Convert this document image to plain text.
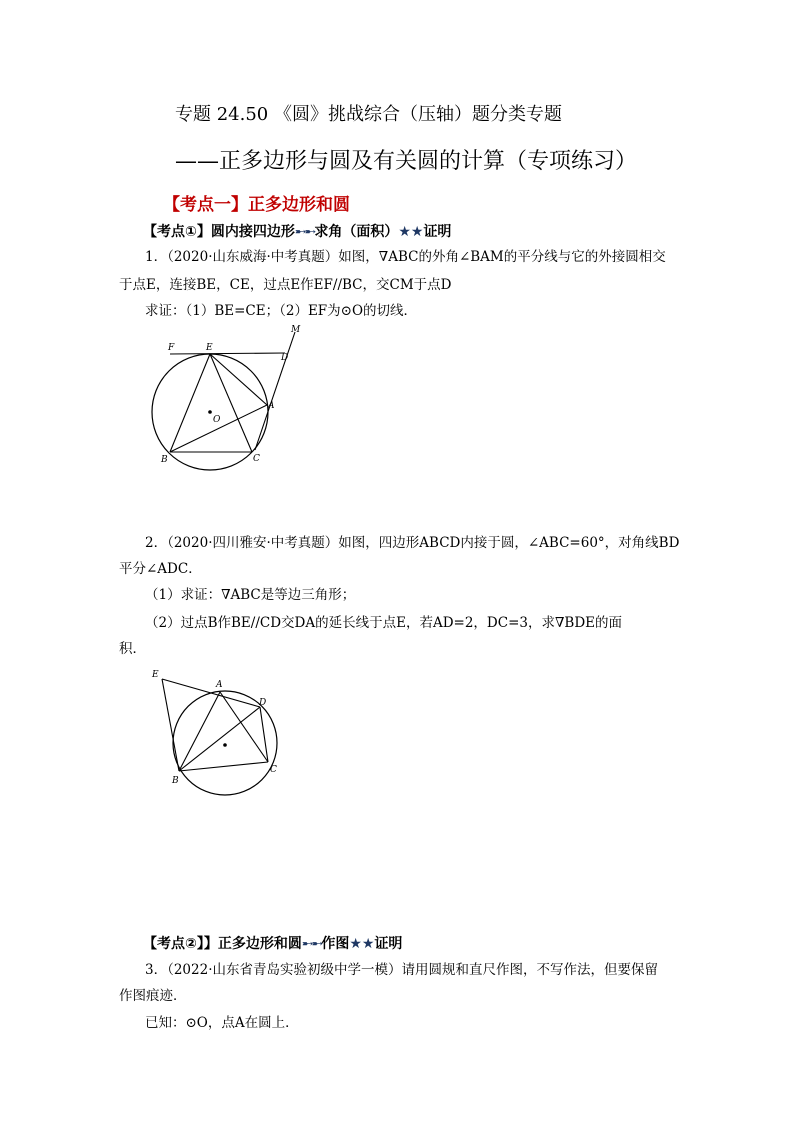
专题 24.50 《圆》挑战综合（压轴）题分类专题
——正多边形与圆及有关圆的计算（专项练习）
【考点一】正多边形和圆
【考点①】圆内接四边形➸➸求角（面积）★★证明
1．（2020·山东威海·中考真题）如图，∇ABC的外角∠BAM的平分线与它的外接圆相交
于点E，连接BE，CE，过点E作EF//BC，交CM于点D
求证：（1）BE=CE；（2）EF为⊙O的切线．
F	E
D
M
A
O
B	C
2．（2020·四川雅安·中考真题）如图，四边形ABCD内接于圆，∠ABC=60°，对角线BD
平分∠ADC．
（1）求证：∇ABC是等边三角形；
（2）过点B作BE//CD交DA的延长线于点E，若AD=2，DC=3，求∇BDE的面
积．
E
A
D
B
C
【考点②】】正多边形和圆➸➸作图★★证明
3．（2022·山东省青岛实验初级中学一模）请用圆规和直尺作图，不写作法，但要保留
作图痕迹．
已知：⊙O，点A在圆上．
